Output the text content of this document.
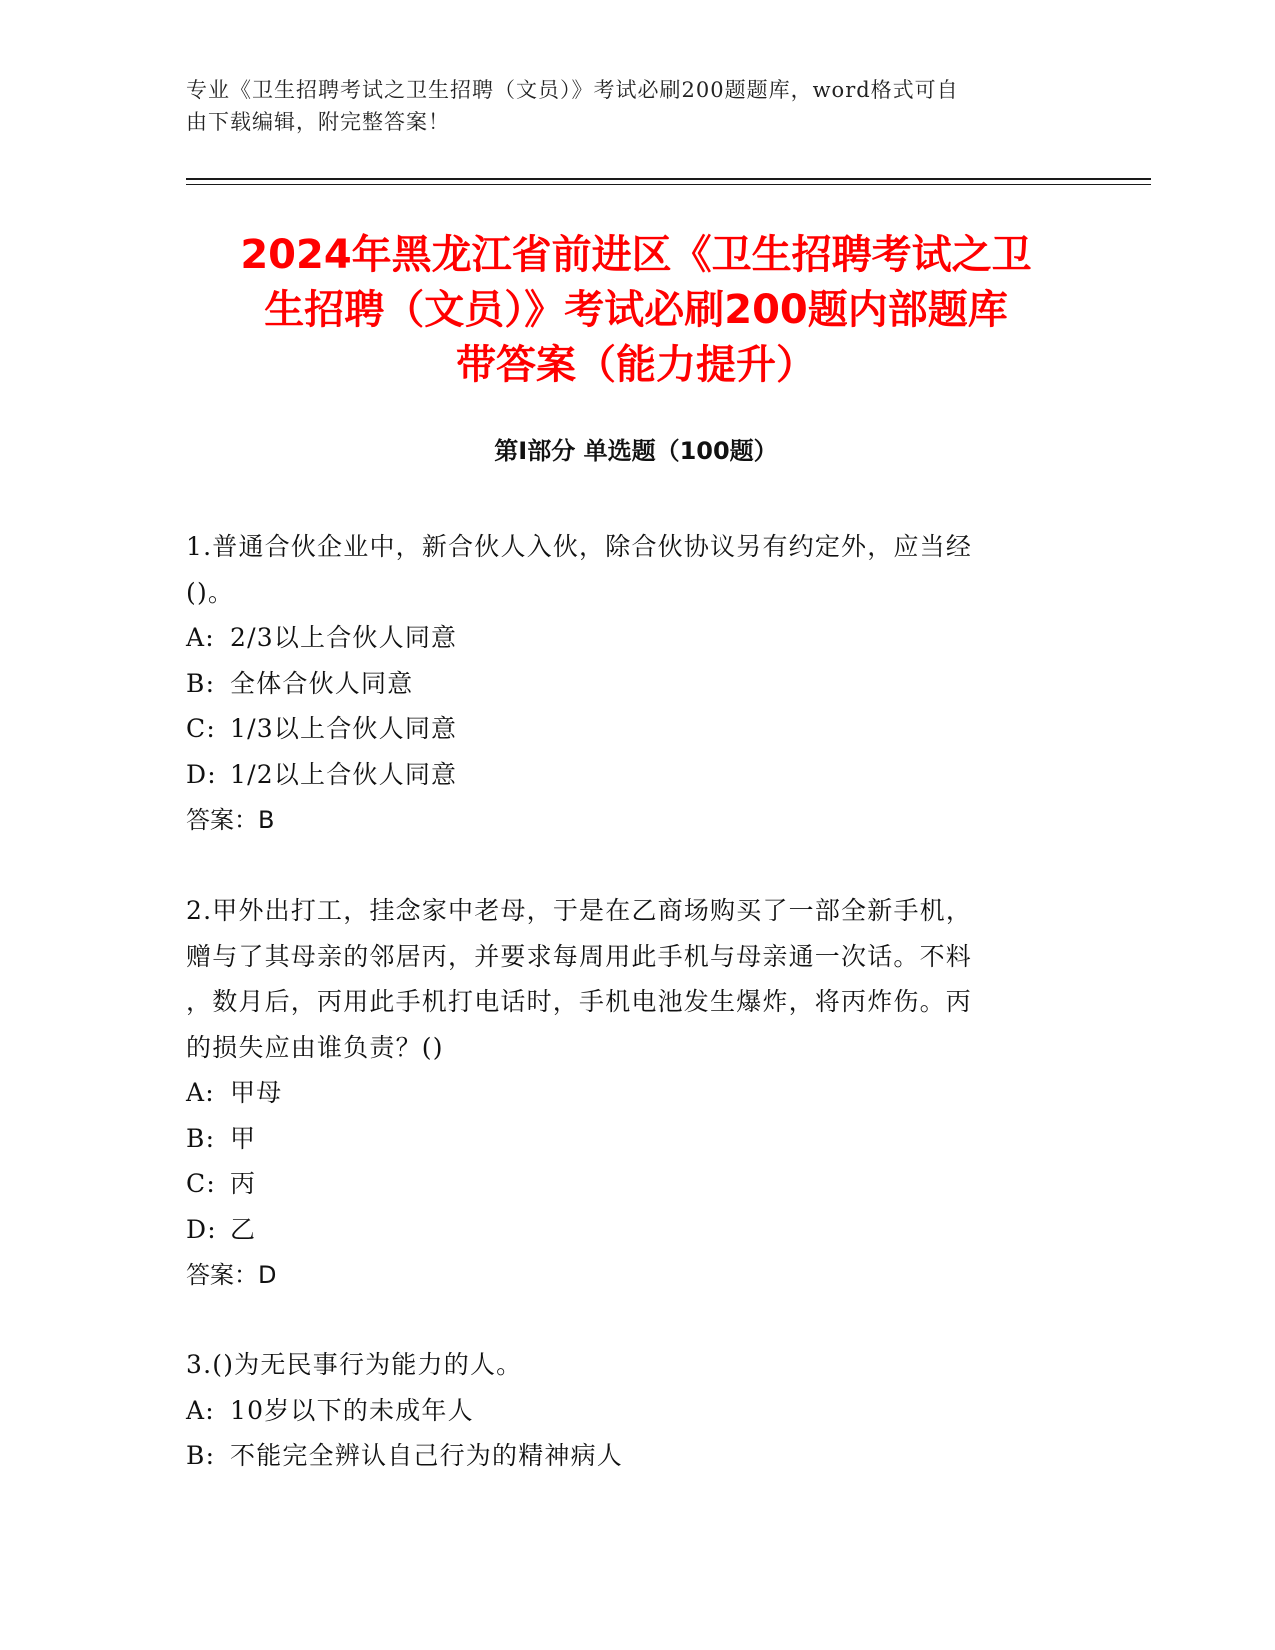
专业《卫生招聘考试之卫生招聘（文员）》考试必刷200题题库，word格式可自
由下载编辑，附完整答案！
2024年黑龙江省前进区《卫生招聘考试之卫
生招聘（文员）》考试必刷200题内部题库
带答案（能力提升）
第Ⅰ部分 单选题（100题）

1.普通合伙企业中，新合伙人入伙，除合伙协议另有约定外，应当经

()。

A: 2/3以上合伙人同意

B: 全体合伙人同意

C: 1/3以上合伙人同意

D: 1/2以上合伙人同意

答案：B

2.甲外出打工，挂念家中老母，于是在乙商场购买了一部全新手机，

赠与了其母亲的邻居丙，并要求每周用此手机与母亲通一次话。不料

，数月后，丙用此手机打电话时，手机电池发生爆炸，将丙炸伤。丙

的损失应由谁负责？()

A: 甲母

B: 甲

C: 丙

D: 乙

答案：D

3.()为无民事行为能力的人。

A: 10岁以下的未成年人

B: 不能完全辨认自己行为的精神病人
